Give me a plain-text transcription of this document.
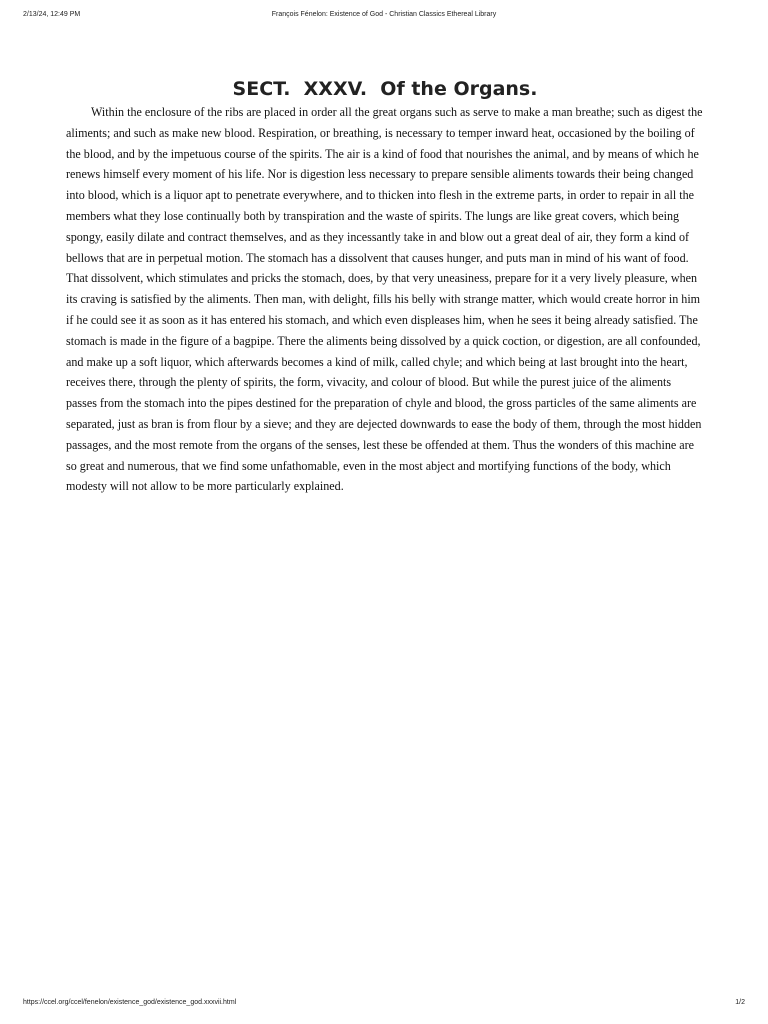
2/13/24, 12:49 PM	François Fénelon: Existence of God - Christian Classics Ethereal Library
SECT.  XXXV.  Of the Organs.

Within the enclosure of the ribs are placed in order all the great organs such as serve to make a man breathe; such as digest the aliments; and such as make new blood. Respiration, or breathing, is necessary to temper inward heat, occasioned by the boiling of the blood, and by the impetuous course of the spirits. The air is a kind of food that nourishes the animal, and by means of which he renews himself every moment of his life. Nor is digestion less necessary to prepare sensible aliments towards their being changed into blood, which is a liquor apt to penetrate everywhere, and to thicken into flesh in the extreme parts, in order to repair in all the members what they lose continually both by transpiration and the waste of spirits. The lungs are like great covers, which being spongy, easily dilate and contract themselves, and as they incessantly take in and blow out a great deal of air, they form a kind of bellows that are in perpetual motion. The stomach has a dissolvent that causes hunger, and puts man in mind of his want of food. That dissolvent, which stimulates and pricks the stomach, does, by that very uneasiness, prepare for it a very lively pleasure, when its craving is satisfied by the aliments. Then man, with delight, fills his belly with strange matter, which would create horror in him if he could see it as soon as it has entered his stomach, and which even displeases him, when he sees it being already satisfied. The stomach is made in the figure of a bagpipe. There the aliments being dissolved by a quick coction, or digestion, are all confounded, and make up a soft liquor, which afterwards becomes a kind of milk, called chyle; and which being at last brought into the heart, receives there, through the plenty of spirits, the form, vivacity, and colour of blood. But while the purest juice of the aliments passes from the stomach into the pipes destined for the preparation of chyle and blood, the gross particles of the same aliments are separated, just as bran is from flour by a sieve; and they are dejected downwards to ease the body of them, through the most hidden passages, and the most remote from the organs of the senses, lest these be offended at them. Thus the wonders of this machine are so great and numerous, that we find some unfathomable, even in the most abject and mortifying functions of the body, which modesty will not allow to be more particularly explained.

https://ccel.org/ccel/fenelon/existence_god/existence_god.xxxvii.html	1/2
